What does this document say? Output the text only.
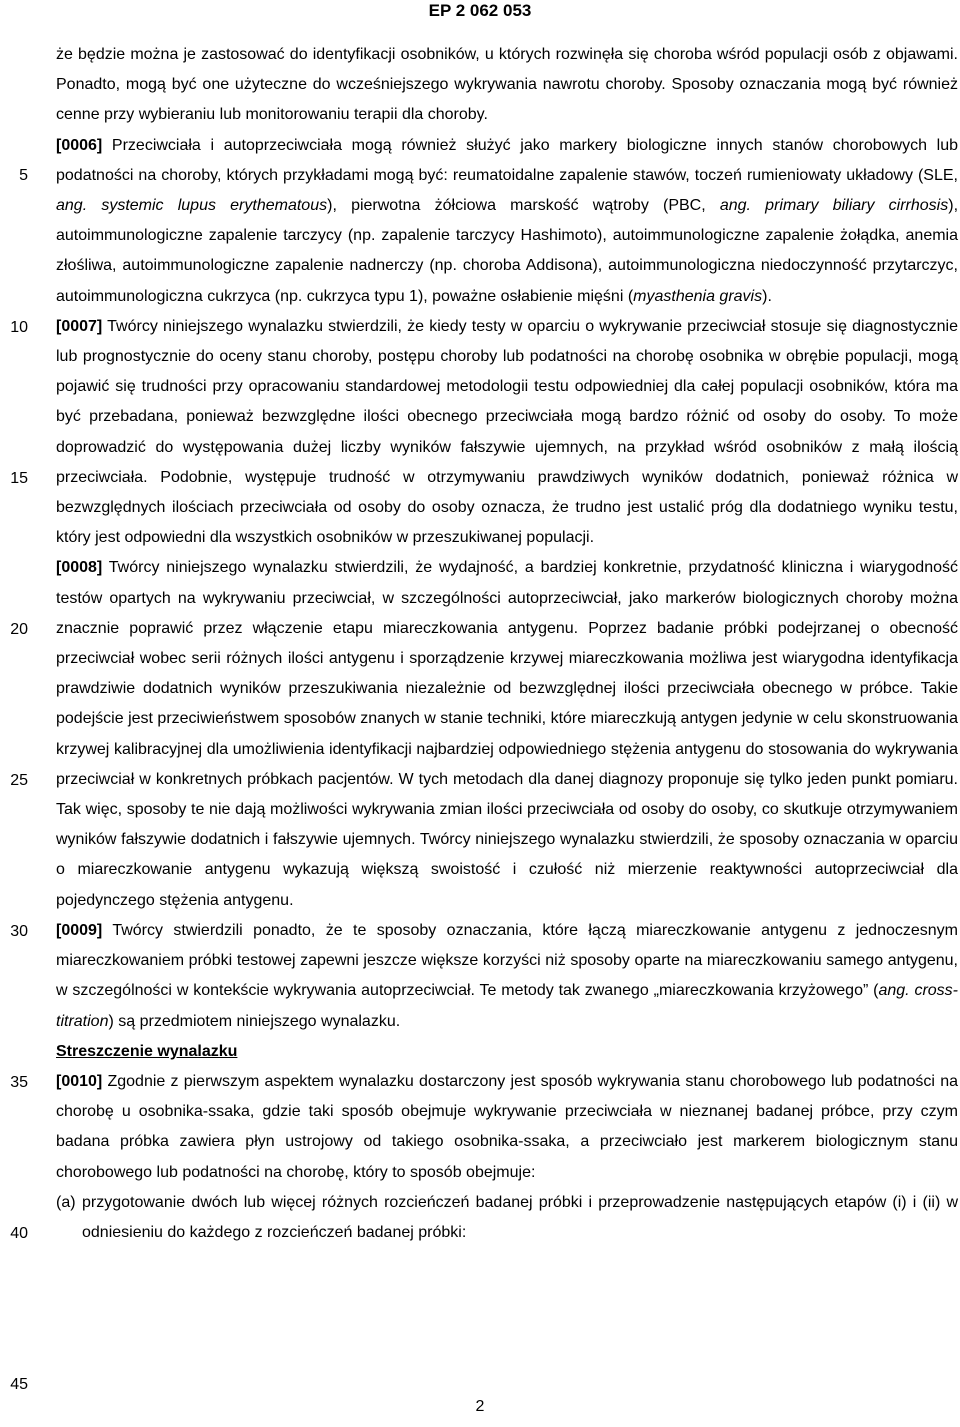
EP 2 062 053
5
10
15
20
25
30
35
40
45

że będzie można je zastosować do identyfikacji osobników, u których rozwinęła się choroba wśród populacji osób z objawami. Ponadto, mogą być one użyteczne do wcześniejszego wykrywania nawrotu choroby. Sposoby oznaczania mogą być również cenne przy wybieraniu lub monitorowaniu terapii dla choroby.

[0006] Przeciwciała i autoprzeciwciała mogą również służyć jako markery biologiczne innych stanów chorobowych lub podatności na choroby, których przykładami mogą być: reumatoidalne zapalenie stawów, toczeń rumieniowaty układowy (SLE, ang. systemic lupus erythematous), pierwotna żółciowa marskość wątroby (PBC, ang. primary biliary cirrhosis), autoimmunologiczne zapalenie tarczycy (np. zapalenie tarczycy Hashimoto), autoimmunologiczne zapalenie żołądka, anemia złośliwa, autoimmunologiczne zapalenie nadnerczy (np. choroba Addisona), autoimmunologiczna niedoczynność przytarczyc, autoimmunologiczna cukrzyca (np. cukrzyca typu 1), poważne osłabienie mięśni (myasthenia gravis).

[0007] Twórcy niniejszego wynalazku stwierdzili, że kiedy testy w oparciu o wykrywanie przeciwciał stosuje się diagnostycznie lub prognostycznie do oceny stanu choroby, postępu choroby lub podatności na chorobę osobnika w obrębie populacji, mogą pojawić się trudności przy opracowaniu standardowej metodologii testu odpowiedniej dla całej populacji osobników, która ma być przebadana, ponieważ bezwzględne ilości obecnego przeciwciała mogą bardzo różnić od osoby do osoby. To może doprowadzić do występowania dużej liczby wyników fałszywie ujemnych, na przykład wśród osobników z małą ilością przeciwciała. Podobnie, występuje trudność w otrzymywaniu prawdziwych wyników dodatnich, ponieważ różnica w bezwzględnych ilościach przeciwciała od osoby do osoby oznacza, że trudno jest ustalić próg dla dodatniego wyniku testu, który jest odpowiedni dla wszystkich osobników w przeszukiwanej populacji.

[0008] Twórcy niniejszego wynalazku stwierdzili, że wydajność, a bardziej konkretnie, przydatność kliniczna i wiarygodność testów opartych na wykrywaniu przeciwciał, w szczególności autoprzeciwciał, jako markerów biologicznych choroby można znacznie poprawić przez włączenie etapu miareczkowania antygenu. Poprzez badanie próbki podejrzanej o obecność przeciwciał wobec serii różnych ilości antygenu i sporządzenie krzywej miareczkowania możliwa jest wiarygodna identyfikacja prawdziwie dodatnich wyników przeszukiwania niezależnie od bezwzględnej ilości przeciwciała obecnego w próbce. Takie podejście jest przeciwieństwem sposobów znanych w stanie techniki, które miareczkują antygen jedynie w celu skonstruowania krzywej kalibracyjnej dla umożliwienia identyfikacji najbardziej odpowiedniego stężenia antygenu do stosowania do wykrywania przeciwciał w konkretnych próbkach pacjentów. W tych metodach dla danej diagnozy proponuje się tylko jeden punkt pomiaru. Tak więc, sposoby te nie dają możliwości wykrywania zmian ilości przeciwciała od osoby do osoby, co skutkuje otrzymywaniem wyników fałszywie dodatnich i fałszywie ujemnych. Twórcy niniejszego wynalazku stwierdzili, że sposoby oznaczania w oparciu o miareczkowanie antygenu wykazują większą swoistość i czułość niż mierzenie reaktywności autoprzeciwciał dla pojedynczego stężenia antygenu.

[0009] Twórcy stwierdzili ponadto, że te sposoby oznaczania, które łączą miareczkowanie antygenu z jednoczesnym miareczkowaniem próbki testowej zapewni jeszcze większe korzyści niż sposoby oparte na miareczkowaniu samego antygenu, w szczególności w kontekście wykrywania autoprzeciwciał. Te metody tak zwanego „miareczkowania krzyżowego” (ang. cross-titration) są przedmiotem niniejszego wynalazku.

Streszczenie wynalazku

[0010] Zgodnie z pierwszym aspektem wynalazku dostarczony jest sposób wykrywania stanu chorobowego lub podatności na chorobę u osobnika-ssaka, gdzie taki sposób obejmuje wykrywanie przeciwciała w nieznanej badanej próbce, przy czym badana próbka zawiera płyn ustrojowy od takiego osobnika-ssaka, a przeciwciało jest markerem biologicznym stanu chorobowego lub podatności na chorobę, który to sposób obejmuje:

(a) przygotowanie dwóch lub więcej różnych rozcieńczeń badanej próbki i przeprowadzenie następujących etapów (i) i (ii) w odniesieniu do każdego z rozcieńczeń badanej próbki:

2
